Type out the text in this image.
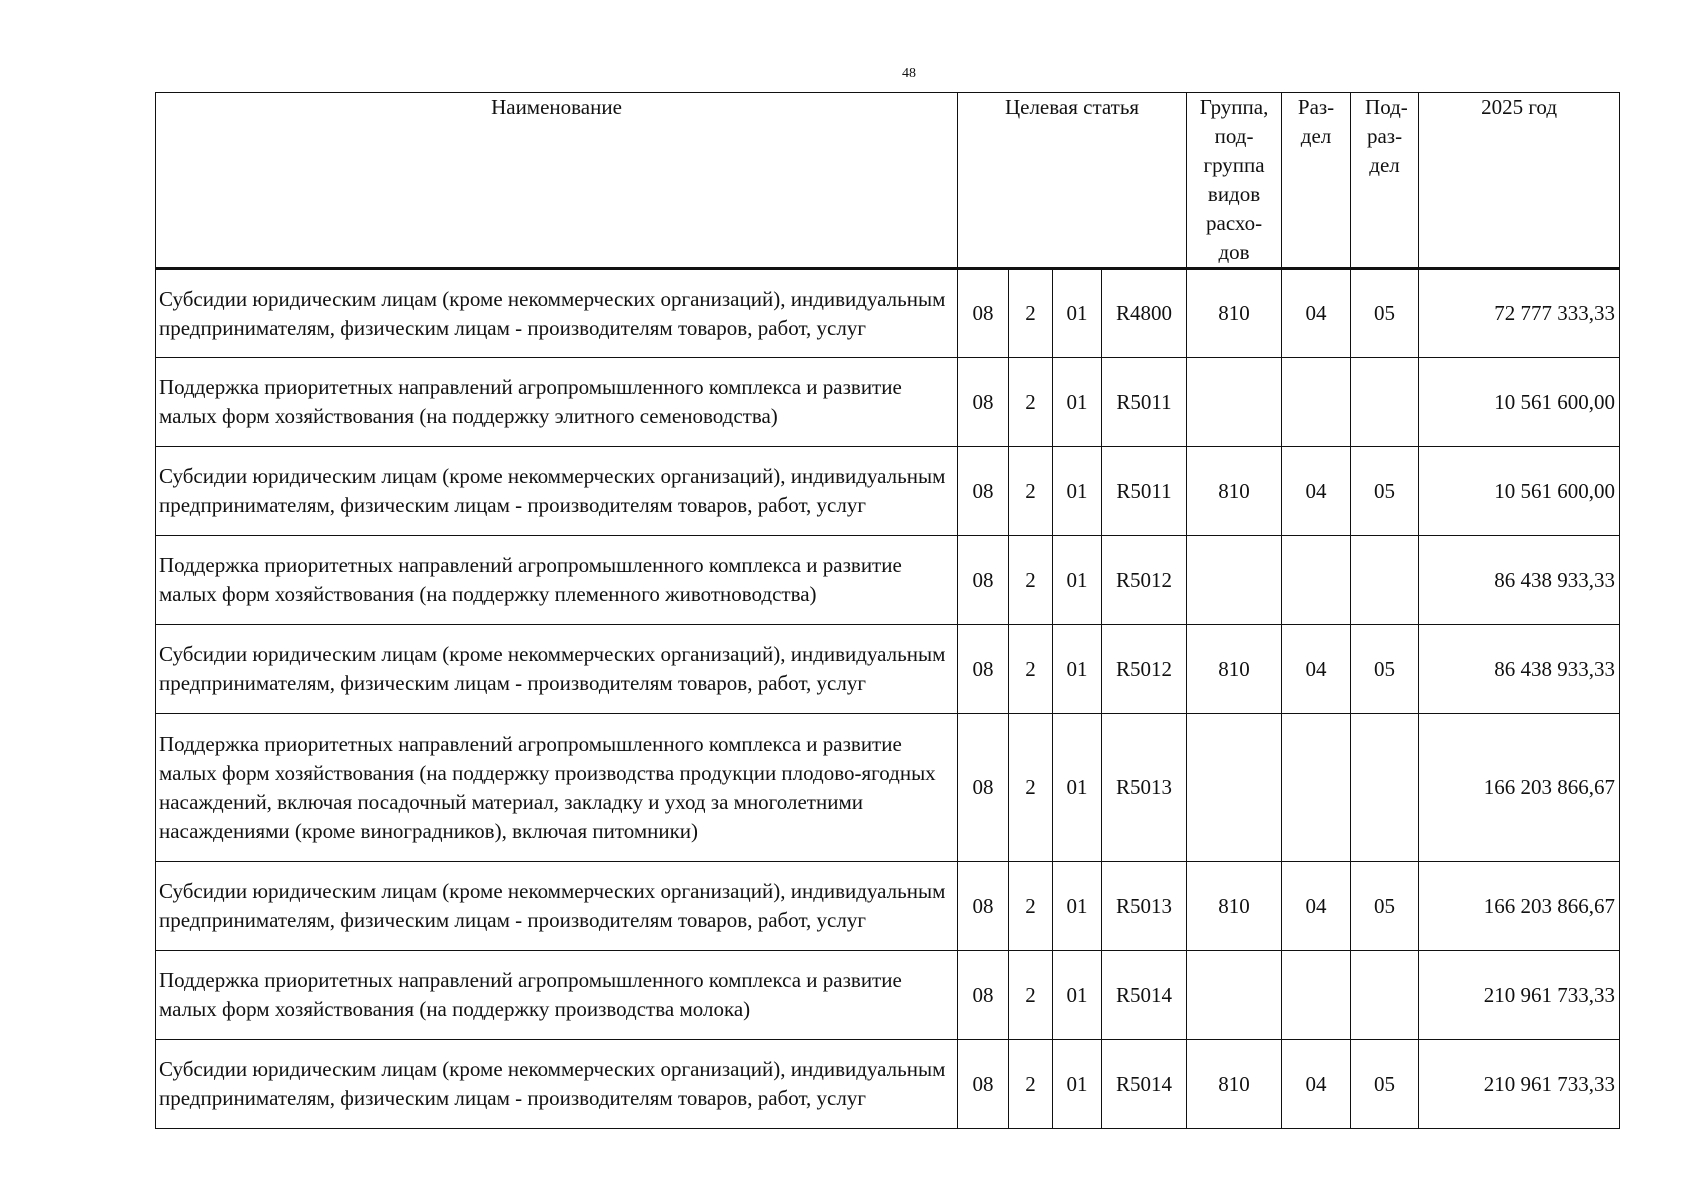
48
Наименование	Целевая статья				Группа, под-группа видов расхо-дов	Раз-дел	Под-раз-дел	2025 год
Субсидии юридическим лицам (кроме некоммерческих организаций), индивидуальным предпринимателям, физическим лицам - производителям товаров, работ, услуг	08	2	01	R4800	810	04	05	72 777 333,33
Поддержка приоритетных направлений агропромышленного комплекса и развитие малых форм хозяйствования (на поддержку элитного семеноводства)	08	2	01	R5011				10 561 600,00
Субсидии юридическим лицам (кроме некоммерческих организаций), индивидуальным предпринимателям, физическим лицам - производителям товаров, работ, услуг	08	2	01	R5011	810	04	05	10 561 600,00
Поддержка приоритетных направлений агропромышленного комплекса и развитие малых форм хозяйствования (на поддержку племенного животноводства)	08	2	01	R5012				86 438 933,33
Субсидии юридическим лицам (кроме некоммерческих организаций), индивидуальным предпринимателям, физическим лицам - производителям товаров, работ, услуг	08	2	01	R5012	810	04	05	86 438 933,33
Поддержка приоритетных направлений агропромышленного комплекса и развитие малых форм хозяйствования (на поддержку производства продукции плодово-ягодных насаждений, включая посадочный материал, закладку и уход за многолетними насаждениями (кроме виноградников), включая питомники)	08	2	01	R5013				166 203 866,67
Субсидии юридическим лицам (кроме некоммерческих организаций), индивидуальным предпринимателям, физическим лицам - производителям товаров, работ, услуг	08	2	01	R5013	810	04	05	166 203 866,67
Поддержка приоритетных направлений агропромышленного комплекса и развитие малых форм хозяйствования (на поддержку производства молока)	08	2	01	R5014				210 961 733,33
Субсидии юридическим лицам (кроме некоммерческих организаций), индивидуальным предпринимателям, физическим лицам - производителям товаров, работ, услуг	08	2	01	R5014	810	04	05	210 961 733,33
